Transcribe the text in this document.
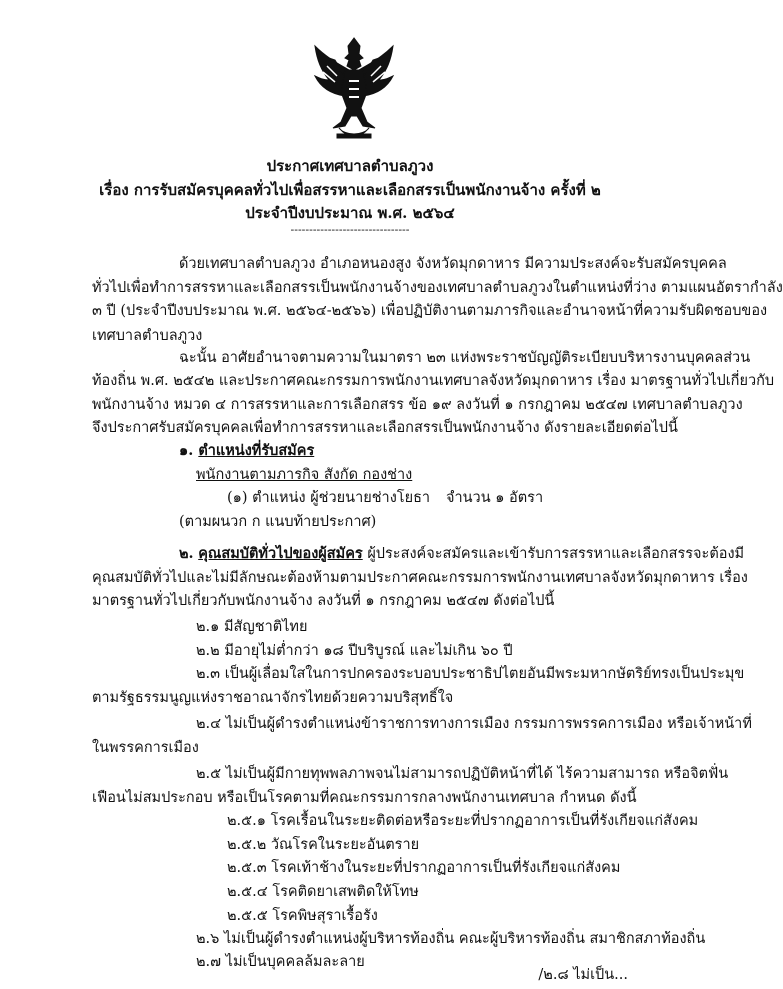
ประกาศเทศบาลตำบลภูวง
เรื่อง การรับสมัครบุคคลทั่วไปเพื่อสรรหาและเลือกสรรเป็นพนักงานจ้าง ครั้งที่ ๒
ประจำปีงบประมาณ พ.ศ. ๒๕๖๔
--------------------------------
ด้วยเทศบาลตำบลภูวง อำเภอหนองสูง จังหวัดมุกดาหาร มีความประสงค์จะรับสมัครบุคคล
ทั่วไปเพื่อทำการสรรหาและเลือกสรรเป็นพนักงานจ้างของเทศบาลตำบลภูวงในตำแหน่งที่ว่าง ตามแผนอัตรากำลัง
๓ ปี (ประจำปีงบประมาณ พ.ศ. ๒๕๖๔-๒๕๖๖) เพื่อปฏิบัติงานตามภารกิจและอำนาจหน้าที่ความรับผิดชอบของ
เทศบาลตำบลภูวง
ฉะนั้น อาศัยอำนาจตามความในมาตรา ๒๓ แห่งพระราชบัญญัติระเบียบบริหารงานบุคคลส่วน
ท้องถิ่น พ.ศ. ๒๕๔๒ และประกาศคณะกรรมการพนักงานเทศบาลจังหวัดมุกดาหาร เรื่อง มาตรฐานทั่วไปเกี่ยวกับ
พนักงานจ้าง หมวด ๔ การสรรหาและการเลือกสรร ข้อ ๑๙ ลงวันที่ ๑ กรกฎาคม ๒๕๔๗ เทศบาลตำบลภูวง
จึงประกาศรับสมัครบุคคลเพื่อทำการสรรหาและเลือกสรรเป็นพนักงานจ้าง ดังรายละเอียดต่อไปนี้
๑. ตำแหน่งที่รับสมัคร
พนักงานตามภารกิจ สังกัด กองช่าง
(๑) ตำแหน่ง ผู้ช่วยนายช่างโยธา จำนวน ๑ อัตรา
(ตามผนวก ก แนบท้ายประกาศ)
๒. คุณสมบัติทั่วไปของผู้สมัคร ผู้ประสงค์จะสมัครและเข้ารับการสรรหาและเลือกสรรจะต้องมี
คุณสมบัติทั่วไปและไม่มีลักษณะต้องห้ามตามประกาศคณะกรรมการพนักงานเทศบาลจังหวัดมุกดาหาร เรื่อง
มาตรฐานทั่วไปเกี่ยวกับพนักงานจ้าง ลงวันที่ ๑ กรกฎาคม ๒๕๔๗ ดังต่อไปนี้
๒.๑ มีสัญชาติไทย
๒.๒ มีอายุไม่ต่ำกว่า ๑๘ ปีบริบูรณ์ และไม่เกิน ๖๐ ปี
๒.๓ เป็นผู้เลื่อมใสในการปกครองระบอบประชาธิปไตยอันมีพระมหากษัตริย์ทรงเป็นประมุข
ตามรัฐธรรมนูญแห่งราชอาณาจักรไทยด้วยความบริสุทธิ์ใจ
๒.๔ ไม่เป็นผู้ดำรงตำแหน่งข้าราชการทางการเมือง กรรมการพรรคการเมือง หรือเจ้าหน้าที่
ในพรรคการเมือง
๒.๕ ไม่เป็นผู้มีกายทุพพลภาพจนไม่สามารถปฏิบัติหน้าที่ได้ ไร้ความสามารถ หรือจิตฟั่น
เฟือนไม่สมประกอบ หรือเป็นโรคตามที่คณะกรรมการกลางพนักงานเทศบาล กำหนด ดังนี้
๒.๕.๑ โรคเรื้อนในระยะติดต่อหรือระยะที่ปรากฏอาการเป็นที่รังเกียจแก่สังคม
๒.๕.๒ วัณโรคในระยะอันตราย
๒.๕.๓ โรคเท้าช้างในระยะที่ปรากฏอาการเป็นที่รังเกียจแก่สังคม
๒.๕.๔ โรคติดยาเสพติดให้โทษ
๒.๕.๕ โรคพิษสุราเรื้อรัง
๒.๖ ไม่เป็นผู้ดำรงตำแหน่งผู้บริหารท้องถิ่น คณะผู้บริหารท้องถิ่น สมาชิกสภาท้องถิ่น
๒.๗ ไม่เป็นบุคคลล้มละลาย
/๒.๘ ไม่เป็น...
